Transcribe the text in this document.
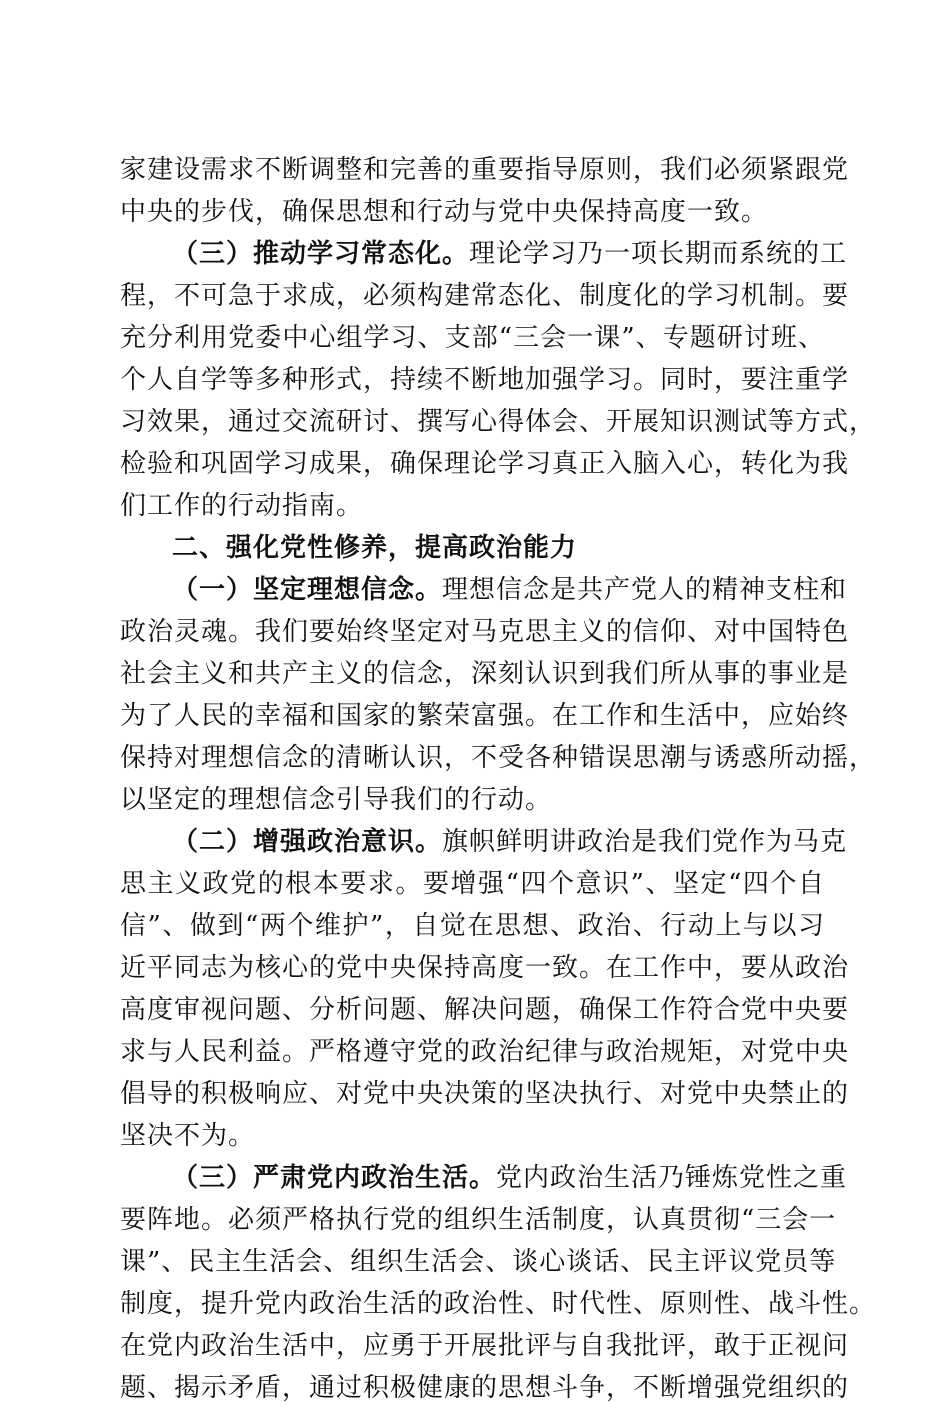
家建设需求不断调整和完善的重要指导原则，我们必须紧跟党
中央的步伐，确保思想和行动与党中央保持高度一致。
（三）推动学习常态化。理论学习乃一项长期而系统的工
程，不可急于求成，必须构建常态化、制度化的学习机制。要
充分利用党委中心组学习、支部“三会一课”、专题研讨班、
个人自学等多种形式，持续不断地加强学习。同时，要注重学
习效果，通过交流研讨、撰写心得体会、开展知识测试等方式，
检验和巩固学习成果，确保理论学习真正入脑入心，转化为我
们工作的行动指南。
二、强化党性修养，提高政治能力
（一）坚定理想信念。理想信念是共产党人的精神支柱和
政治灵魂。我们要始终坚定对马克思主义的信仰、对中国特色
社会主义和共产主义的信念，深刻认识到我们所从事的事业是
为了人民的幸福和国家的繁荣富强。在工作和生活中，应始终
保持对理想信念的清晰认识，不受各种错误思潮与诱惑所动摇，
以坚定的理想信念引导我们的行动。
（二）增强政治意识。旗帜鲜明讲政治是我们党作为马克
思主义政党的根本要求。要增强“四个意识”、坚定“四个自
信”、做到“两个维护”，自觉在思想、政治、行动上与以习
近平同志为核心的党中央保持高度一致。在工作中，要从政治
高度审视问题、分析问题、解决问题，确保工作符合党中央要
求与人民利益。严格遵守党的政治纪律与政治规矩，对党中央
倡导的积极响应、对党中央决策的坚决执行、对党中央禁止的
坚决不为。
（三）严肃党内政治生活。党内政治生活乃锤炼党性之重
要阵地。必须严格执行党的组织生活制度，认真贯彻“三会一
课”、民主生活会、组织生活会、谈心谈话、民主评议党员等
制度，提升党内政治生活的政治性、时代性、原则性、战斗性。
在党内政治生活中，应勇于开展批评与自我批评，敢于正视问
题、揭示矛盾，通过积极健康的思想斗争，不断增强党组织的
